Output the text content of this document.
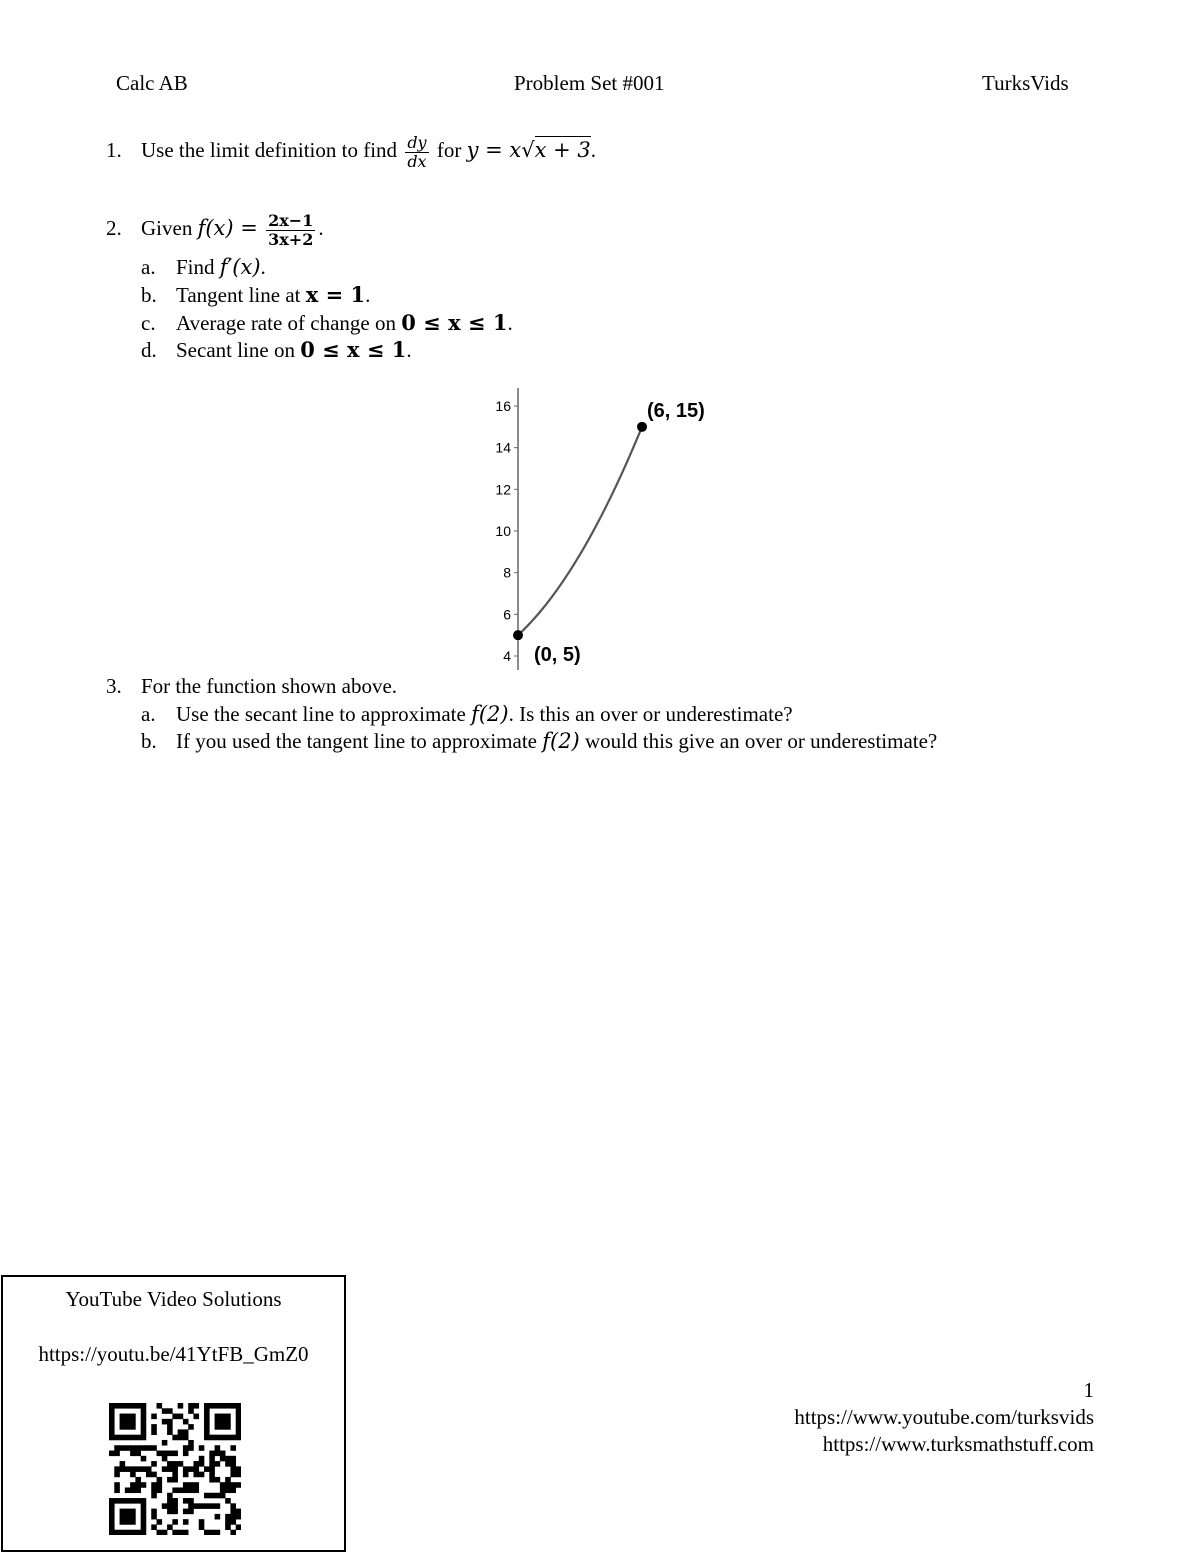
Calc AB	Problem Set #001	TurksVids
1. Use the limit definition to find $\frac{dy}{dx}$ for y = x√x + 3.
2. Given $f(x) = \frac{2x-1}{3x+2}$ .
a. Find f′(x).
b. Tangent line at x = 1.
c. Average rate of change on 0 ≤ x ≤ 1.
d. Secant line on 0 ≤ x ≤ 1.
4
6
8
10
12
14
16
(0, 5)
(6, 15)
3. For the function shown above.
a. Use the secant line to approximate f(2). Is this an over or underestimate?
b. If you used the tangent line to approximate f(2) would this give an over or underestimate?
YouTube Video Solutions
https://youtu.be/41YtFB_GmZ0
1
https://www.youtube.com/turksvids
https://www.turksmathstuff.com
